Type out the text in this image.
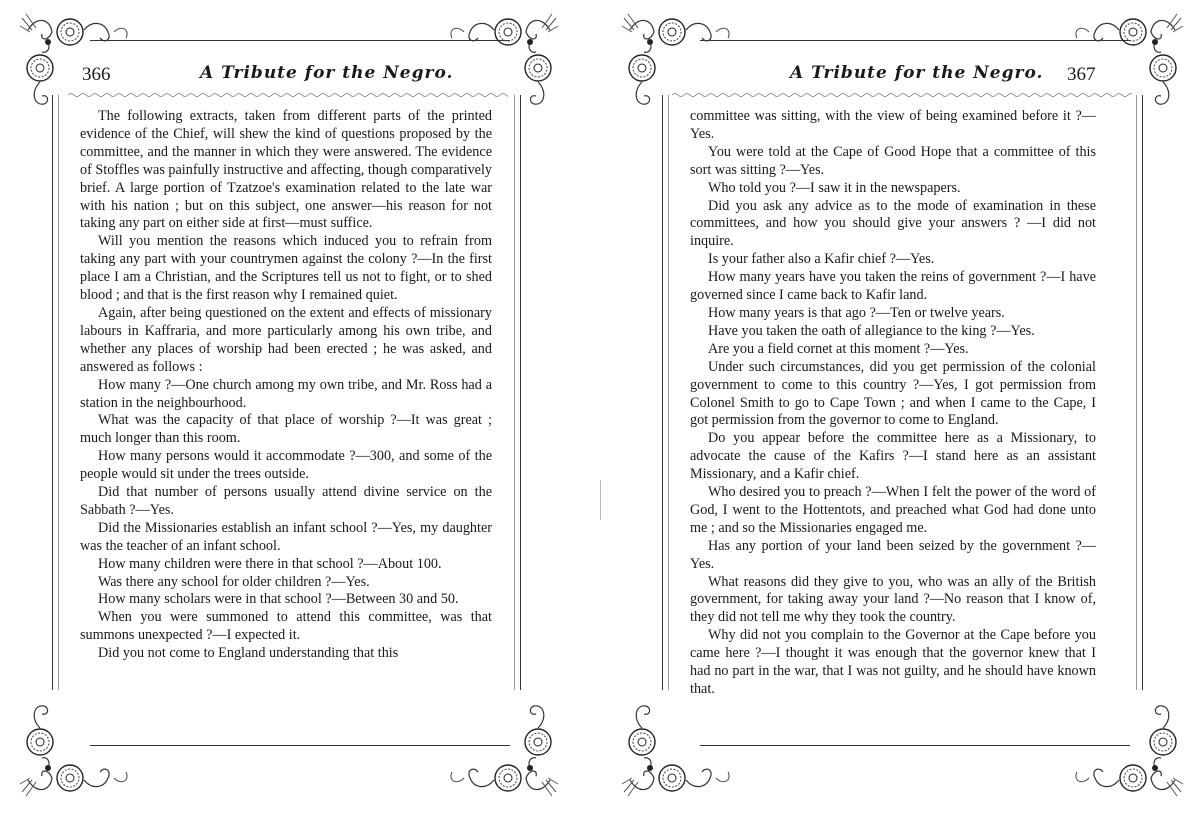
366	A Tribute for the Negro.

The following extracts, taken from different parts of the printed evidence of the Chief, will shew the kind of questions proposed by the committee, and the manner in which they were answered. The evidence of Stoffles was painfully instructive and affecting, though comparatively brief. A large portion of Tzatzoe's examination related to the late war with his nation ; but on this subject, one answer—his reason for not taking any part on either side at first—must suffice.

Will you mention the reasons which induced you to refrain from taking any part with your countrymen against the colony ?—In the first place I am a Christian, and the Scriptures tell us not to fight, or to shed blood ; and that is the first reason why I remained quiet.

Again, after being questioned on the extent and effects of missionary labours in Kaffraria, and more particularly among his own tribe, and whether any places of worship had been erected ; he was asked, and answered as follows :

How many ?—One church among my own tribe, and Mr. Ross had a station in the neighbourhood.

What was the capacity of that place of worship ?—It was great ; much longer than this room.

How many persons would it accommodate ?—300, and some of the people would sit under the trees outside.

Did that number of persons usually attend divine service on the Sabbath ?—Yes.

Did the Missionaries establish an infant school ?—Yes, my daughter was the teacher of an infant school.

How many children were there in that school ?—About 100.

Was there any school for older children ?—Yes.

How many scholars were in that school ?—Between 30 and 50.

When you were summoned to attend this committee, was that summons unexpected ?—I expected it.

Did you not come to England understanding that this

A Tribute for the Negro. 367

committee was sitting, with the view of being examined before it ?—Yes.

You were told at the Cape of Good Hope that a committee of this sort was sitting ?—Yes.

Who told you ?—I saw it in the newspapers.

Did you ask any advice as to the mode of examination in these committees, and how you should give your answers ? —I did not inquire.

Is your father also a Kafir chief ?—Yes.

How many years have you taken the reins of government ?—I have governed since I came back to Kafir land.

How many years is that ago ?—Ten or twelve years.

Have you taken the oath of allegiance to the king ?—Yes.

Are you a field cornet at this moment ?—Yes.

Under such circumstances, did you get permission of the colonial government to come to this country ?—Yes, I got permission from Colonel Smith to go to Cape Town ; and when I came to the Cape, I got permission from the governor to come to England.

Do you appear before the committee here as a Missionary, to advocate the cause of the Kafirs ?—I stand here as an assistant Missionary, and a Kafir chief.

Who desired you to preach ?—When I felt the power of the word of God, I went to the Hottentots, and preached what God had done unto me ; and so the Missionaries engaged me.

Has any portion of your land been seized by the government ?—Yes.

What reasons did they give to you, who was an ally of the British government, for taking away your land ?—No reason that I know of, they did not tell me why they took the country.

Why did not you complain to the Governor at the Cape before you came here ?—I thought it was enough that the governor knew that I had no part in the war, that I was not guilty, and he should have known that.
